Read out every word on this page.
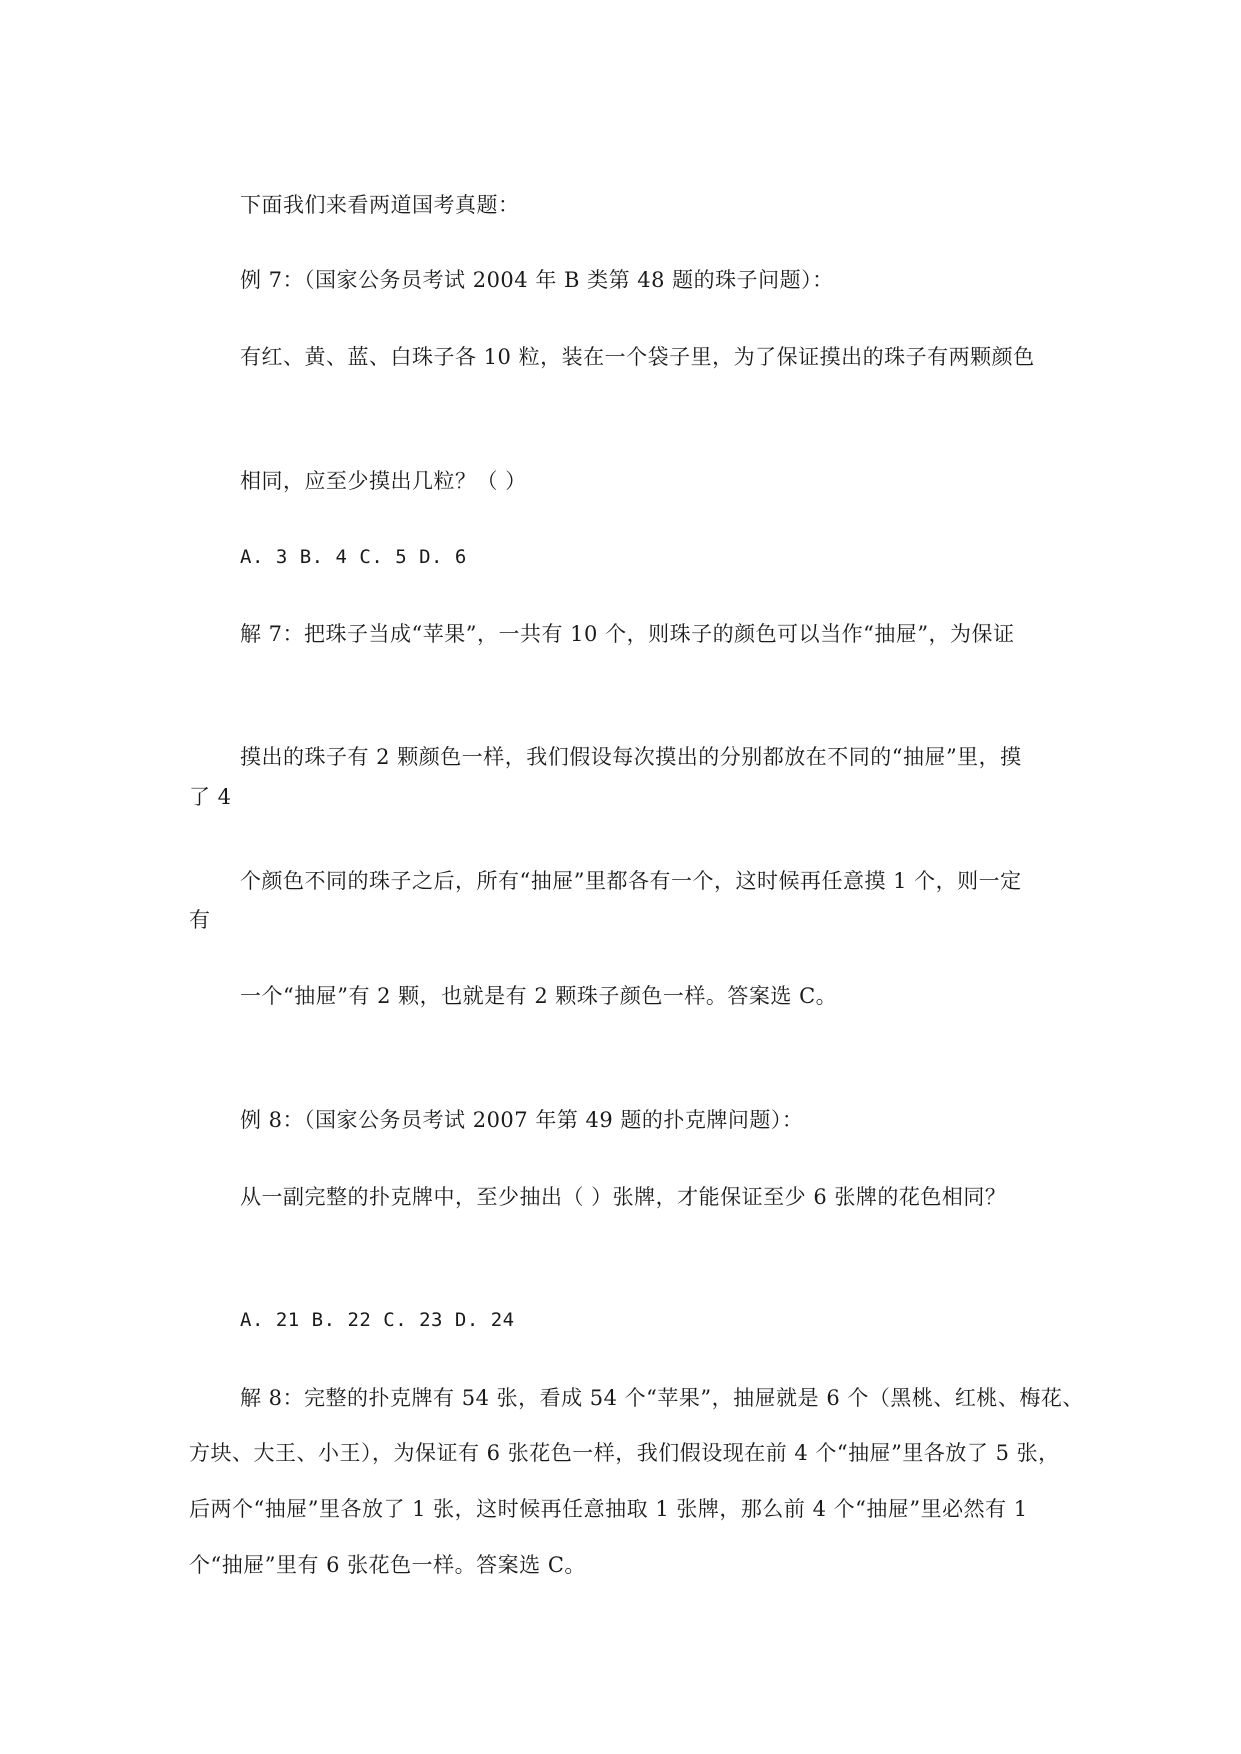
下面我们来看两道国考真题：

例 7：（国家公务员考试 2004 年 B 类第 48 题的珠子问题）：

有红、黄、蓝、白珠子各 10 粒，装在一个袋子里，为了保证摸出的珠子有两颗颜色

相同，应至少摸出几粒？（ ）

A. 3 B. 4 C. 5 D. 6

解 7：把珠子当成“苹果”，一共有 10 个，则珠子的颜色可以当作“抽屉”，为保证

摸出的珠子有 2 颗颜色一样，我们假设每次摸出的分别都放在不同的“抽屉”里，摸

了 4

个颜色不同的珠子之后，所有“抽屉”里都各有一个，这时候再任意摸 1 个，则一定

有

一个“抽屉”有 2 颗，也就是有 2 颗珠子颜色一样。答案选 C。

例 8：（国家公务员考试 2007 年第 49 题的扑克牌问题）：

从一副完整的扑克牌中，至少抽出（ ）张牌，才能保证至少 6 张牌的花色相同？

A. 21 B. 22 C. 23 D. 24

解 8：完整的扑克牌有 54 张，看成 54 个“苹果”，抽屉就是 6 个（黑桃、红桃、梅花、

方块、大王、小王），为保证有 6 张花色一样，我们假设现在前 4 个“抽屉”里各放了 5 张，

后两个“抽屉”里各放了 1 张，这时候再任意抽取 1 张牌，那么前 4 个“抽屉”里必然有 1

个“抽屉”里有 6 张花色一样。答案选 C。
